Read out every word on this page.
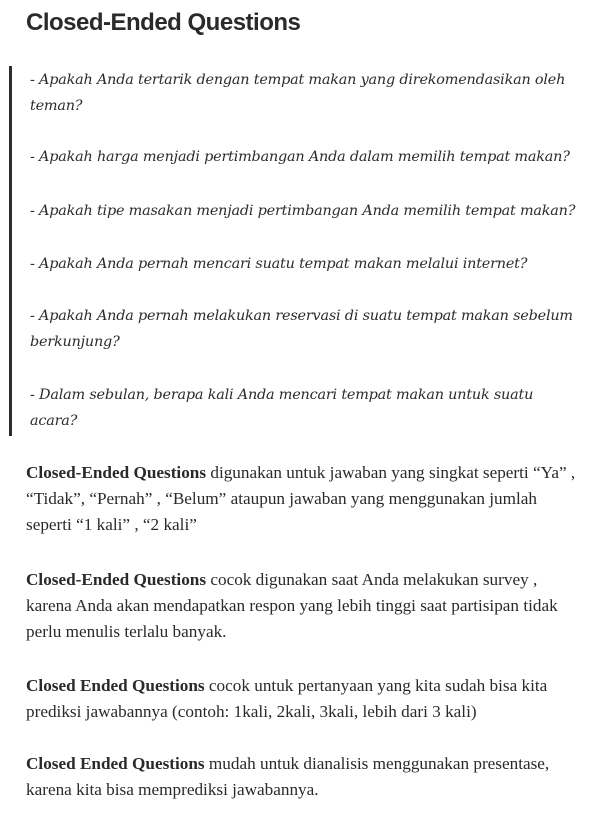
Closed-Ended Questions

- Apakah Anda tertarik dengan tempat makan yang direkomendasikan oleh teman?

- Apakah harga menjadi pertimbangan Anda dalam memilih tempat makan?

- Apakah tipe masakan menjadi pertimbangan Anda memilih tempat makan?

- Apakah Anda pernah mencari suatu tempat makan melalui internet?

- Apakah Anda pernah melakukan reservasi di suatu tempat makan sebelum berkunjung?

- Dalam sebulan, berapa kali Anda mencari tempat makan untuk suatu acara?

Closed-Ended Questions digunakan untuk jawaban yang singkat seperti “Ya” , “Tidak”, “Pernah” , “Belum” ataupun jawaban yang menggunakan jumlah seperti “1 kali” , “2 kali”

Closed-Ended Questions cocok digunakan saat Anda melakukan survey , karena Anda akan mendapatkan respon yang lebih tinggi saat partisipan tidak perlu menulis terlalu banyak.

Closed Ended Questions cocok untuk pertanyaan yang kita sudah bisa kita prediksi jawabannya (contoh: 1kali, 2kali, 3kali, lebih dari 3 kali)

Closed Ended Questions mudah untuk dianalisis menggunakan presentase, karena kita bisa memprediksi jawabannya.
